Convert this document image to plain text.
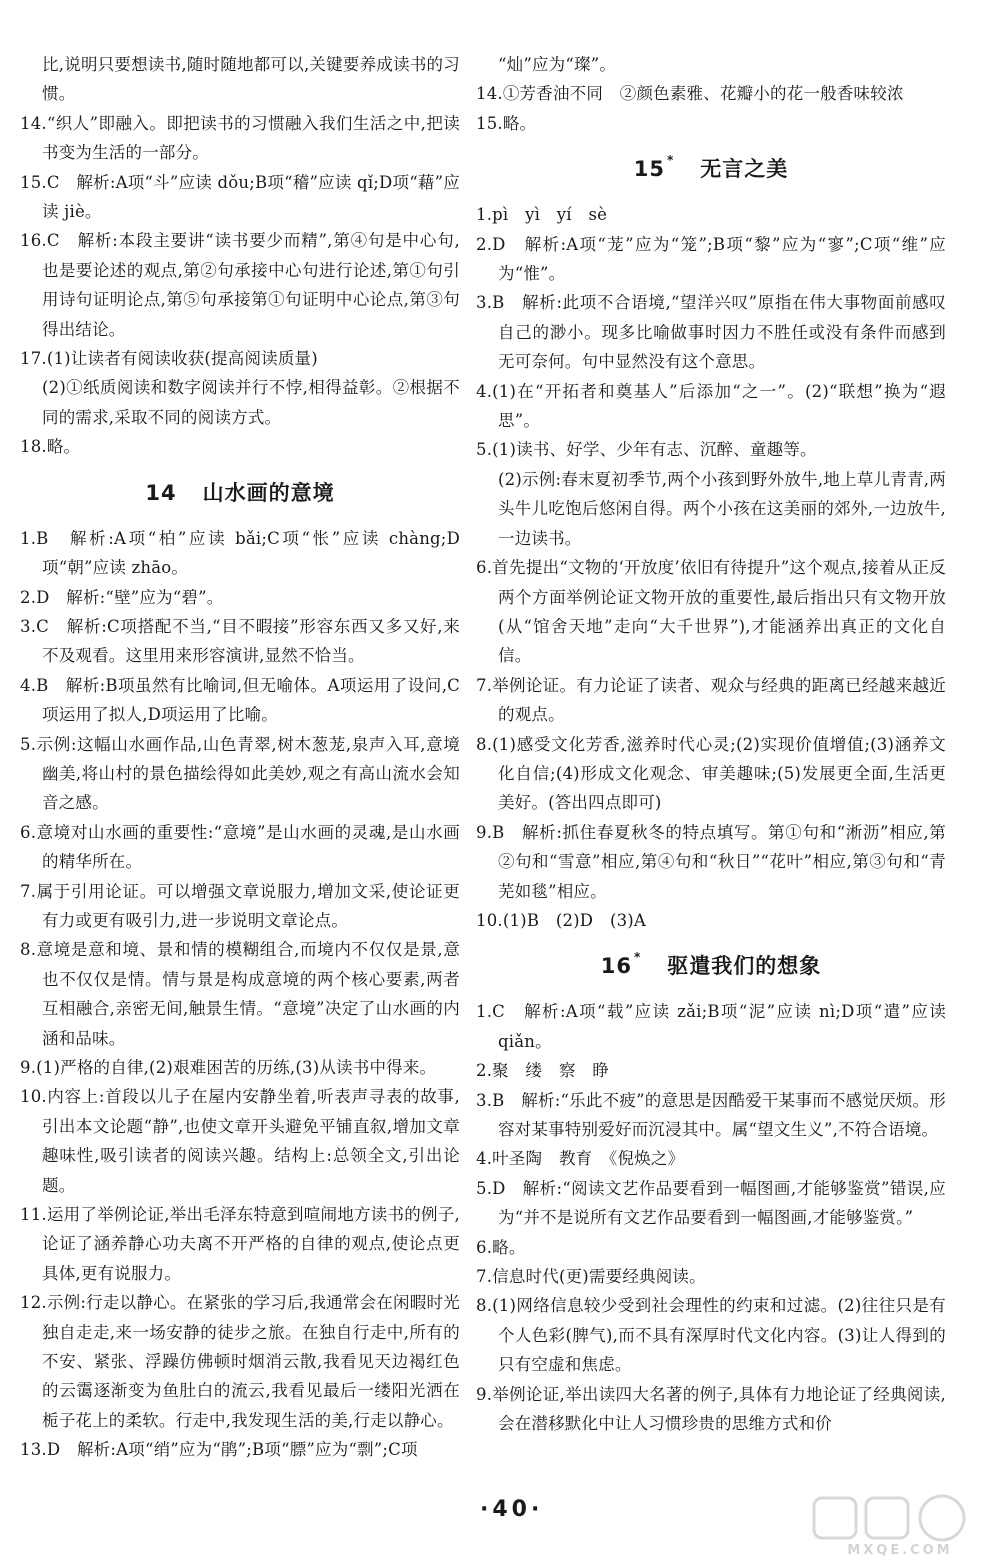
比,说明只要想读书,随时随地都可以,关键要养成读书的习惯。
14.“织人”即融入。即把读书的习惯融入我们生活之中,把读书变为生活的一部分。
15.C　解析:A项“斗”应读 dǒu;B项“稽”应读 qǐ;D项“藉”应读 jiè。
16.C　解析:本段主要讲“读书要少而精”,第④句是中心句,也是要论述的观点,第②句承接中心句进行论述,第①句引用诗句证明论点,第⑤句承接第①句证明中心论点,第③句得出结论。
17.(1)让读者有阅读收获(提高阅读质量)
(2)①纸质阅读和数字阅读并行不悖,相得益彰。②根据不同的需求,采取不同的阅读方式。
18.略。
14 山水画的意境
1.B　解析:A项“柏”应读 bǎi;C项“怅”应读 chàng;D项“朝”应读 zhāo。
2.D　解析:“壁”应为“碧”。
3.C　解析:C项搭配不当,“目不暇接”形容东西又多又好,来不及观看。这里用来形容演讲,显然不恰当。
4.B　解析:B项虽然有比喻词,但无喻体。A项运用了设问,C项运用了拟人,D项运用了比喻。
5.示例:这幅山水画作品,山色青翠,树木葱茏,泉声入耳,意境幽美,将山村的景色描绘得如此美妙,观之有高山流水会知音之感。
6.意境对山水画的重要性:“意境”是山水画的灵魂,是山水画的精华所在。
7.属于引用论证。可以增强文章说服力,增加文采,使论证更有力或更有吸引力,进一步说明文章论点。
8.意境是意和境、景和情的模糊组合,而境内不仅仅是景,意也不仅仅是情。情与景是构成意境的两个核心要素,两者互相融合,亲密无间,触景生情。“意境”决定了山水画的内涵和品味。
9.(1)严格的自律,(2)艰难困苦的历练,(3)从读书中得来。
10.内容上:首段以儿子在屋内安静坐着,听表声寻表的故事,引出本文论题“静”,也使文章开头避免平铺直叙,增加文章趣味性,吸引读者的阅读兴趣。结构上:总领全文,引出论题。
11.运用了举例论证,举出毛泽东特意到喧闹地方读书的例子,论证了涵养静心功夫离不开严格的自律的观点,使论点更具体,更有说服力。
12.示例:行走以静心。在紧张的学习后,我通常会在闲暇时光独自走走,来一场安静的徒步之旅。在独自行走中,所有的不安、紧张、浮躁仿佛顿时烟消云散,我看见天边褐红色的云霭逐渐变为鱼肚白的流云,我看见最后一缕阳光洒在栀子花上的柔软。行走中,我发现生活的美,行走以静心。
13.D　解析:A项“绡”应为“鹃”;B项“膘”应为“剽”;C项
“灿”应为“璨”。
14.①芳香油不同　②颜色素雅、花瓣小的花一般香味较浓
15.略。
15 * 无言之美
1.pì　yì　yí　sè
2.D　解析:A项“茏”应为“笼”;B项“黎”应为“寥”;C项“维”应为“惟”。
3.B　解析:此项不合语境,“望洋兴叹”原指在伟大事物面前感叹自己的渺小。现多比喻做事时因力不胜任或没有条件而感到无可奈何。句中显然没有这个意思。
4.(1)在“开拓者和奠基人”后添加“之一”。(2)“联想”换为“遐思”。
5.(1)读书、好学、少年有志、沉醉、童趣等。
(2)示例:春末夏初季节,两个小孩到野外放牛,地上草儿青青,两头牛儿吃饱后悠闲自得。两个小孩在这美丽的郊外,一边放牛,一边读书。
6.首先提出“文物的‘开放度’依旧有待提升”这个观点,接着从正反两个方面举例论证文物开放的重要性,最后指出只有文物开放(从“馆舍天地”走向“大千世界”),才能涵养出真正的文化自信。
7.举例论证。有力论证了读者、观众与经典的距离已经越来越近的观点。
8.(1)感受文化芳香,滋养时代心灵;(2)实现价值增值;(3)涵养文化自信;(4)形成文化观念、审美趣味;(5)发展更全面,生活更美好。(答出四点即可)
9.B　解析:抓住春夏秋冬的特点填写。第①句和“淅沥”相应,第②句和“雪意”相应,第④句和“秋日”“花叶”相应,第③句和“青芜如毯”相应。
10.(1)B　(2)D　(3)A
16 * 驱遣我们的想象
1.C　解析:A项“载”应读 zǎi;B项“泥”应读 nì;D项“遣”应读 qiǎn。
2.聚　缕　察　睁
3.B　解析:“乐此不疲”的意思是因酷爱干某事而不感觉厌烦。形容对某事特别爱好而沉浸其中。属“望文生义”,不符合语境。
4.叶圣陶　教育　《倪焕之》
5.D　解析:“阅读文艺作品要看到一幅图画,才能够鉴赏”错误,应为“并不是说所有文艺作品要看到一幅图画,才能够鉴赏。”
6.略。
7.信息时代(更)需要经典阅读。
8.(1)网络信息较少受到社会理性的约束和过滤。(2)往往只是有个人色彩(脾气),而不具有深厚时代文化内容。(3)让人得到的只有空虚和焦虑。
9.举例论证,举出读四大名著的例子,具体有力地论证了经典阅读,会在潜移默化中让人习惯珍贵的思维方式和价
·40·
MXQE.COM
